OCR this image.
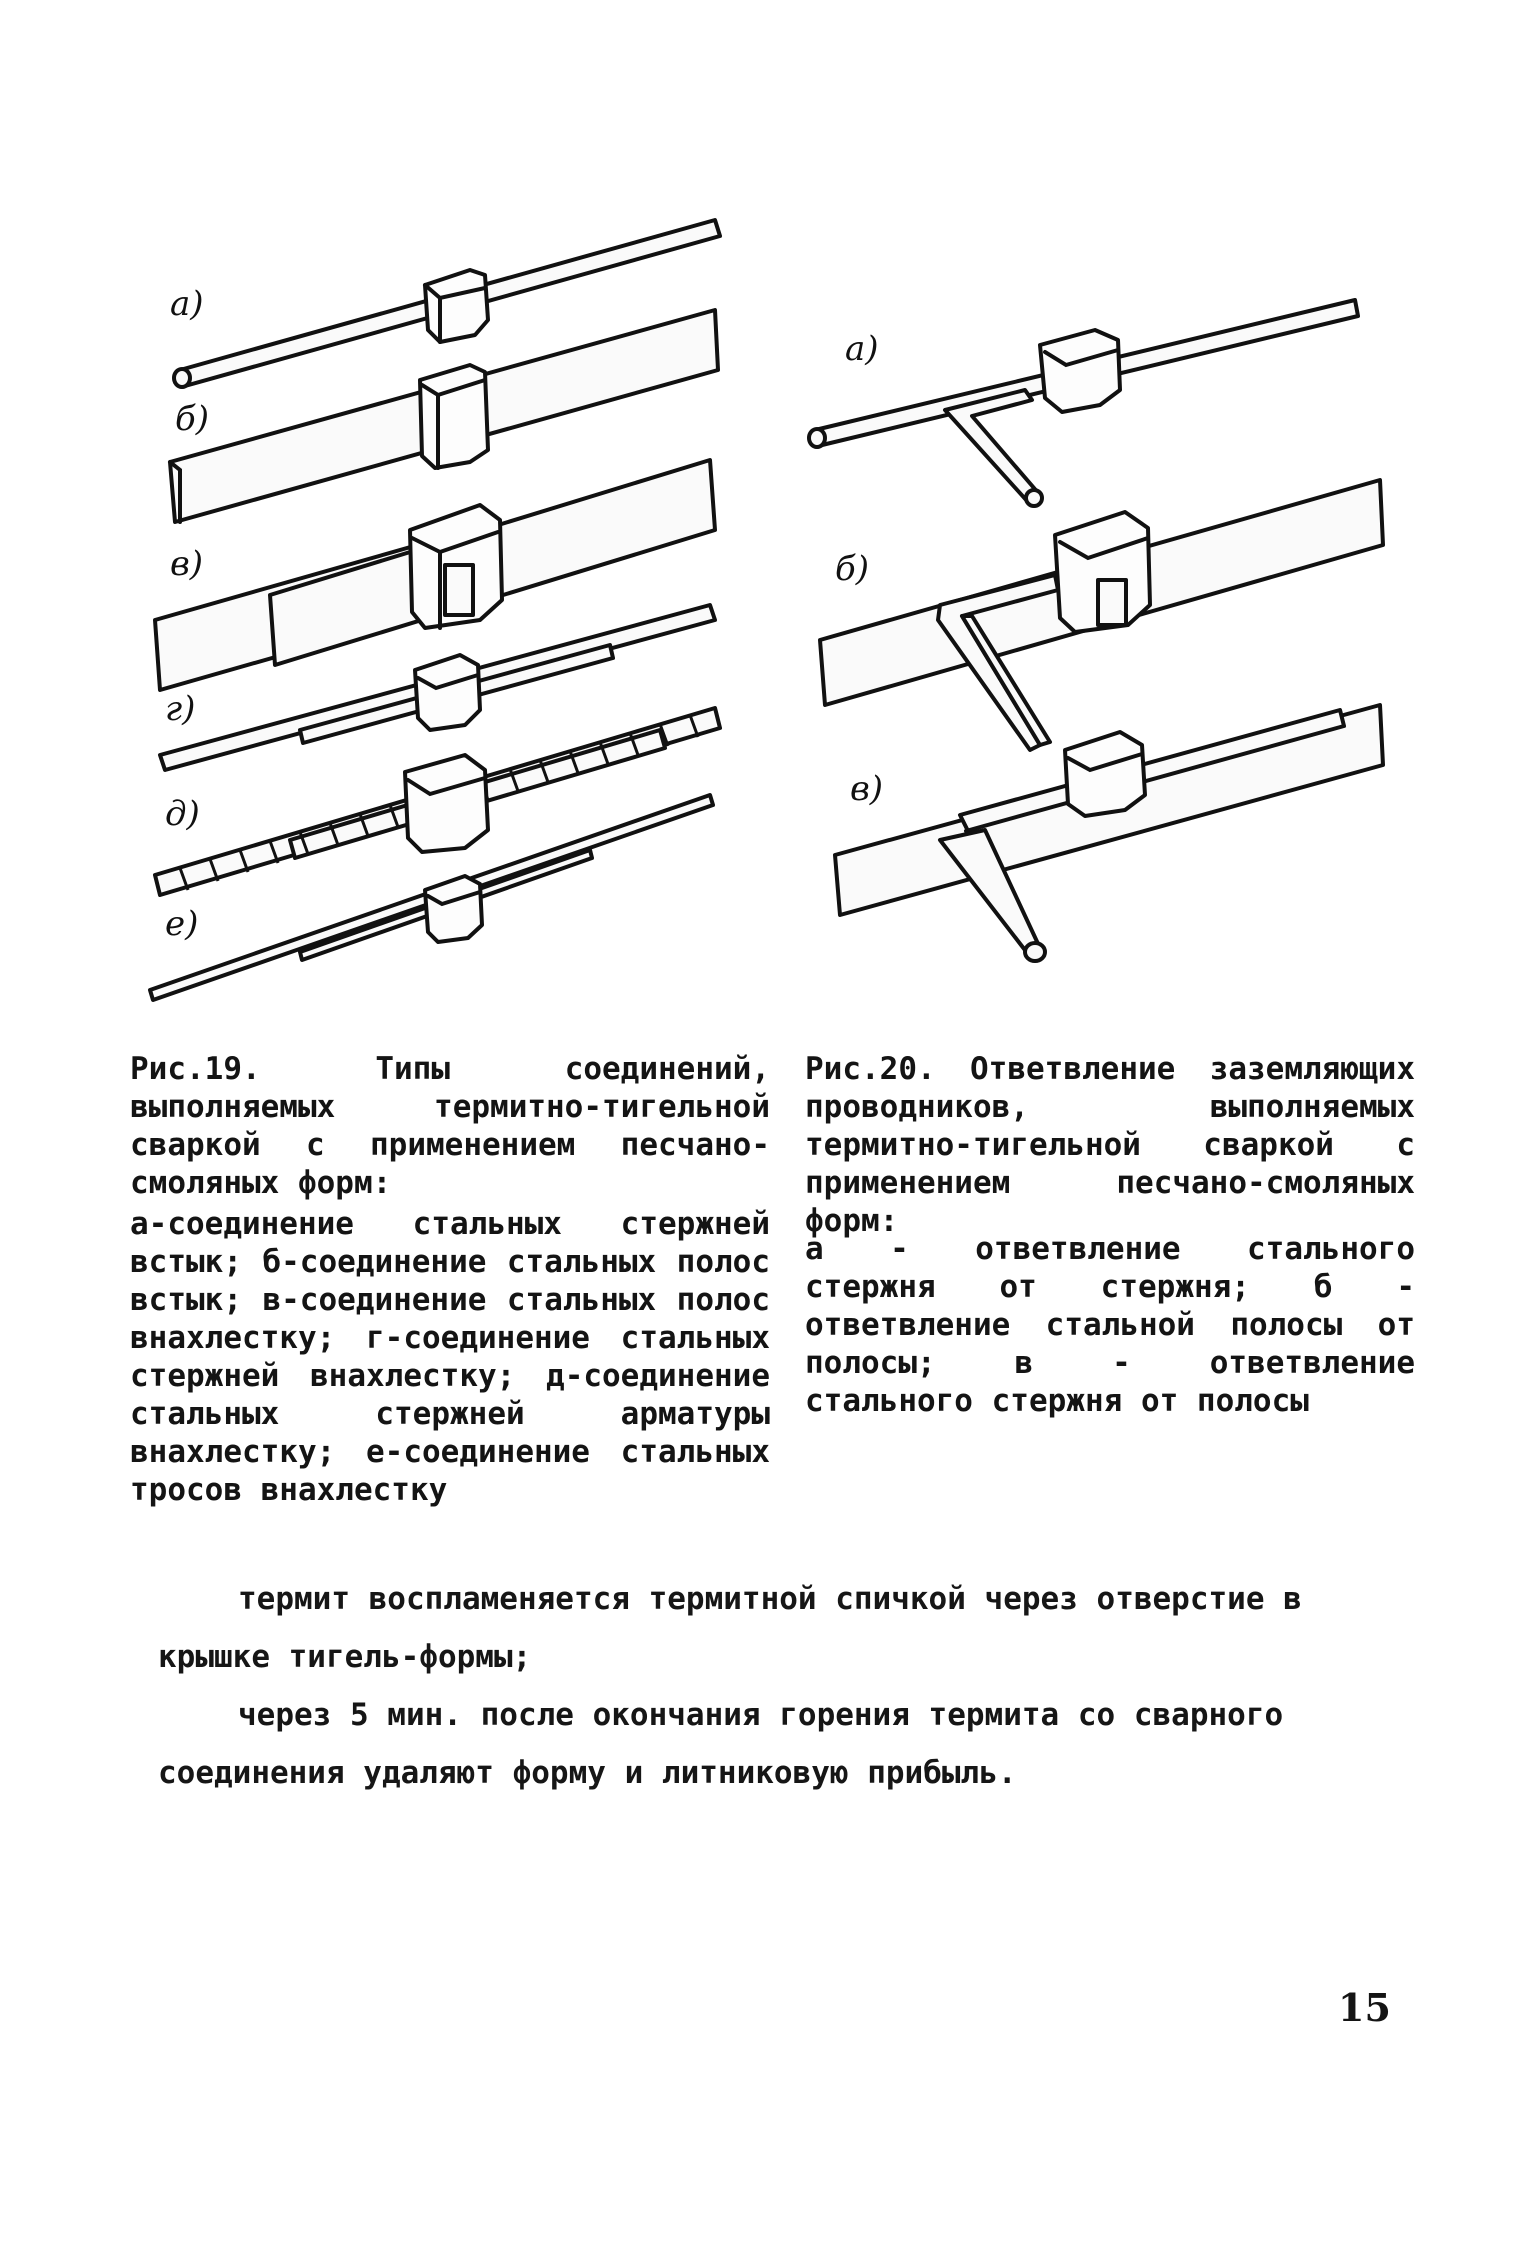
а)
б)
в)
г)
д)
е)
а)
б)
в)
Рис.19. Типы соединений, выполняемых термитно-тигельной сваркой с применением песчано-смоляных форм:
а-соединение стальных стержней встык; б-соединение стальных полос встык; в-соединение стальных полос внахлестку; г-соединение стальных стержней внахлестку; д-соединение стальных стержней арматуры внахлестку; е-соединение стальных тросов внахлестку
Рис.20. Ответвление заземляющих проводников, выполняемых термитно-тигельной сваркой с применением песчано-смоляных форм:
а - ответвление стального стержня от стержня; б - ответвление стальной полосы от полосы; в - ответвление стального стержня от полосы

термит воспламеняется термитной спичкой через отверстие в крышке тигель-формы;

через 5 мин. после окончания горения термита со сварного соединения удаляют форму и литниковую прибыль.

15
